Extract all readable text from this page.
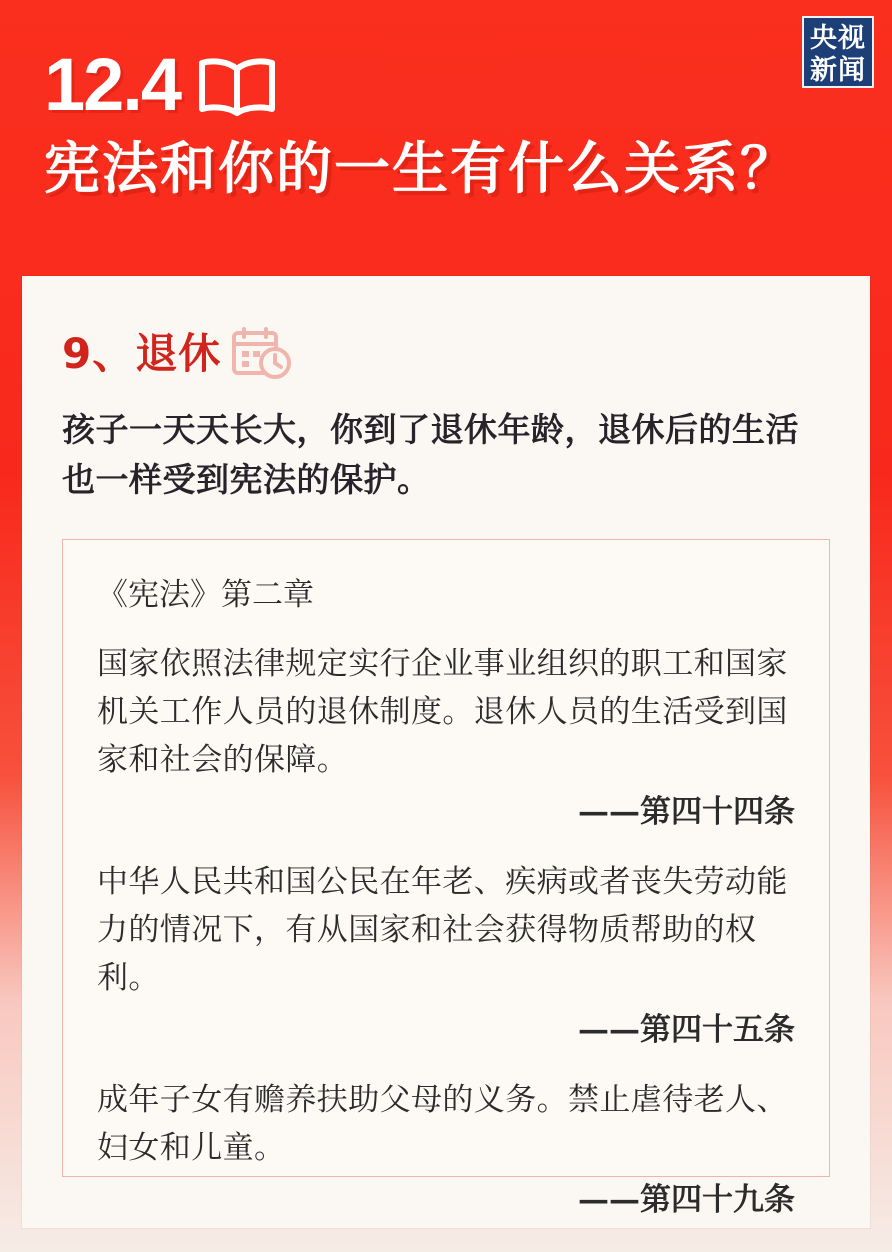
央视
新闻
12.4
宪法和你的一生有什么关系？
9、退休
孩子一天天长大，你到了退休年龄，退休后的生活也一样受到宪法的保护。
《宪法》第二章
国家依照法律规定实行企业事业组织的职工和国家机关工作人员的退休制度。退休人员的生活受到国家和社会的保障。
——第四十四条
中华人民共和国公民在年老、疾病或者丧失劳动能力的情况下，有从国家和社会获得物质帮助的权利。
——第四十五条
成年子女有赡养扶助父母的义务。禁止虐待老人、妇女和儿童。
——第四十九条
